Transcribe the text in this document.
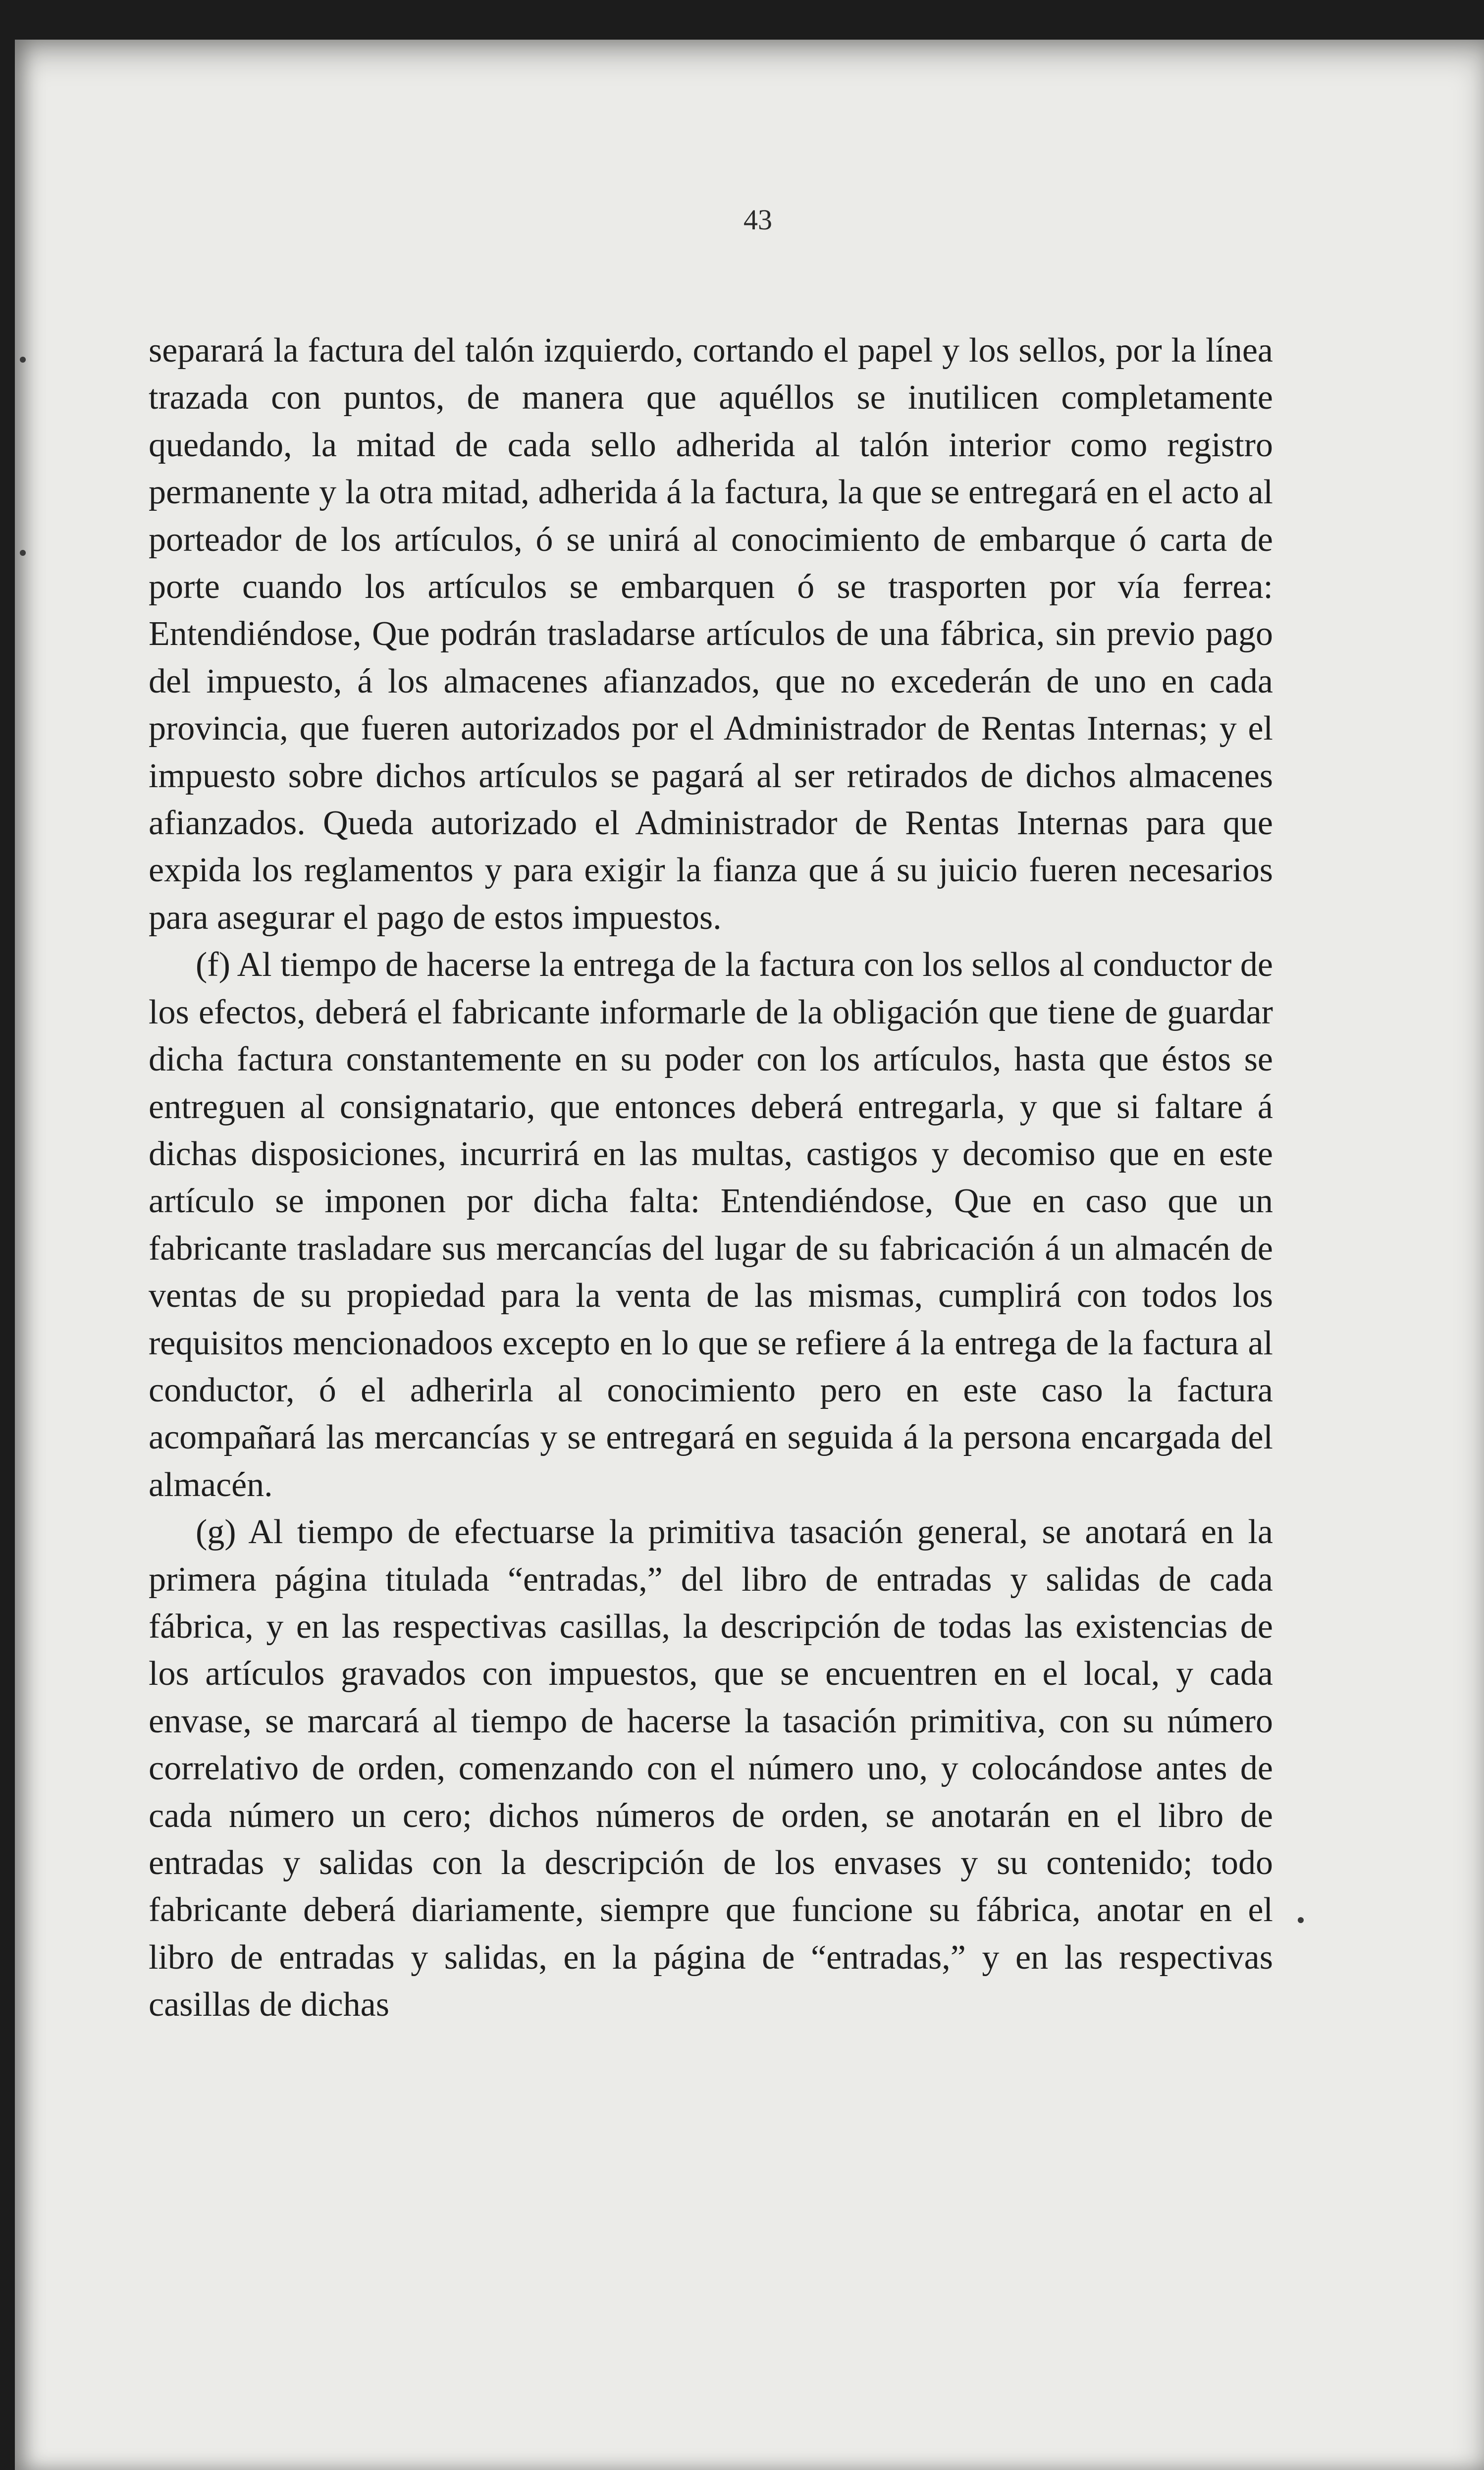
43

separará la factura del talón izquierdo, cortando el papel y los sellos, por la línea trazada con puntos, de manera que aquéllos se inutilicen completamente quedando, la mitad de cada sello adherida al talón interior como registro permanente y la otra mitad, adherida á la factura, la que se entregará en el acto al porteador de los artículos, ó se unirá al conocimiento de embarque ó carta de porte cuando los artículos se embarquen ó se trasporten por vía ferrea: Entendiéndose, Que podrán trasladarse artículos de una fábrica, sin previo pago del impuesto, á los almacenes afianzados, que no excederán de uno en cada provincia, que fueren autorizados por el Administrador de Rentas Internas; y el impuesto sobre dichos artículos se pagará al ser retirados de dichos almacenes afianzados. Queda autorizado el Administrador de Rentas Internas para que expida los reglamentos y para exigir la fianza que á su juicio fueren necesarios para asegurar el pago de estos impuestos.

(f) Al tiempo de hacerse la entrega de la factura con los sellos al conductor de los efectos, deberá el fabricante informarle de la obligación que tiene de guardar dicha factura constantemente en su poder con los artículos, hasta que éstos se entreguen al consignatario, que entonces deberá entregarla, y que si faltare á dichas disposiciones, incurrirá en las multas, castigos y decomiso que en este artículo se imponen por dicha falta: Entendiéndose, Que en caso que un fabricante trasladare sus mercancías del lugar de su fabricación á un almacén de ventas de su propiedad para la venta de las mismas, cumplirá con todos los requisitos mencionadoos excepto en lo que se refiere á la entrega de la factura al conductor, ó el adherirla al conocimiento pero en este caso la factura acompañará las mercancías y se entregará en seguida á la persona encargada del almacén.

(g) Al tiempo de efectuarse la primitiva tasación general, se anotará en la primera página titulada “entradas,” del libro de entradas y salidas de cada fábrica, y en las respectivas casillas, la descripción de todas las existencias de los artículos gravados con impuestos, que se encuentren en el local, y cada envase, se marcará al tiempo de hacerse la tasación primitiva, con su número correlativo de orden, comenzando con el número uno, y colocándose antes de cada número un cero; dichos números de orden, se anotarán en el libro de entradas y salidas con la descripción de los envases y su contenido; todo fabricante deberá diariamente, siempre que funcione su fábrica, anotar en el libro de entradas y salidas, en la página de “entradas,” y en las respectivas casillas de dichas
